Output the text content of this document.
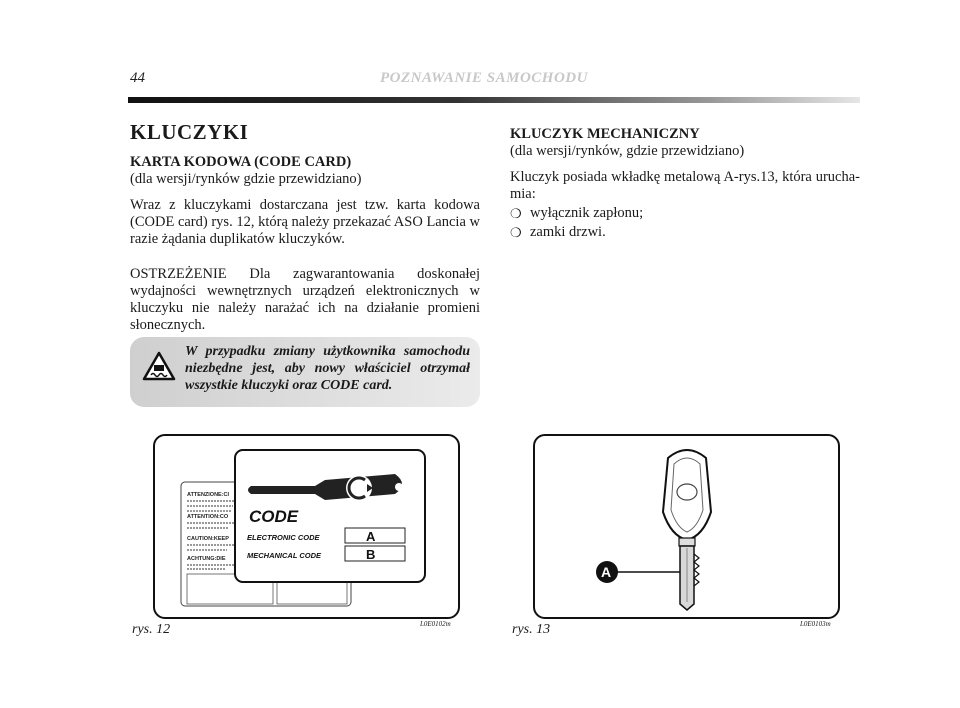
44	POZNAWANIE SAMOCHODU
KLUCZYKI
KARTA KODOWA (CODE CARD)
(dla wersji/rynków gdzie przewidziano)

Wraz z kluczykami dostarczana jest tzw. karta kodowa (CODE card) rys. 12, którą należy przekazać ASO Lancia w razie żądania duplikatów kluczyków.

OSTRZEŻENIE Dla zagwarantowania doskonałej wydajności wewnętrznych urządzeń elektronicznych w kluczyku nie należy narażać ich na działanie promieni słonecznych.

W przypadku zmiany użytkownika samochodu niezbędne jest, aby nowy właściciel otrzymał wszystkie kluczyki oraz CODE card.
KLUCZYK MECHANICZNY
(dla wersji/rynków, gdzie przewidziano)

Kluczyk posiada wkładkę metalową A-rys.13, która uruchamia:

❍ wyłącznik zapłonu;
❍ zamki drzwi.
ATTENZIONE:CI
ATTENTION:CO
CAUTION:KEEP
ACHTUNG:DIE
CODE
ELECTRONIC CODE	A
MECHANICAL CODE	B
rys. 12	L0E0102m
A
rys. 13	L0E0103m
